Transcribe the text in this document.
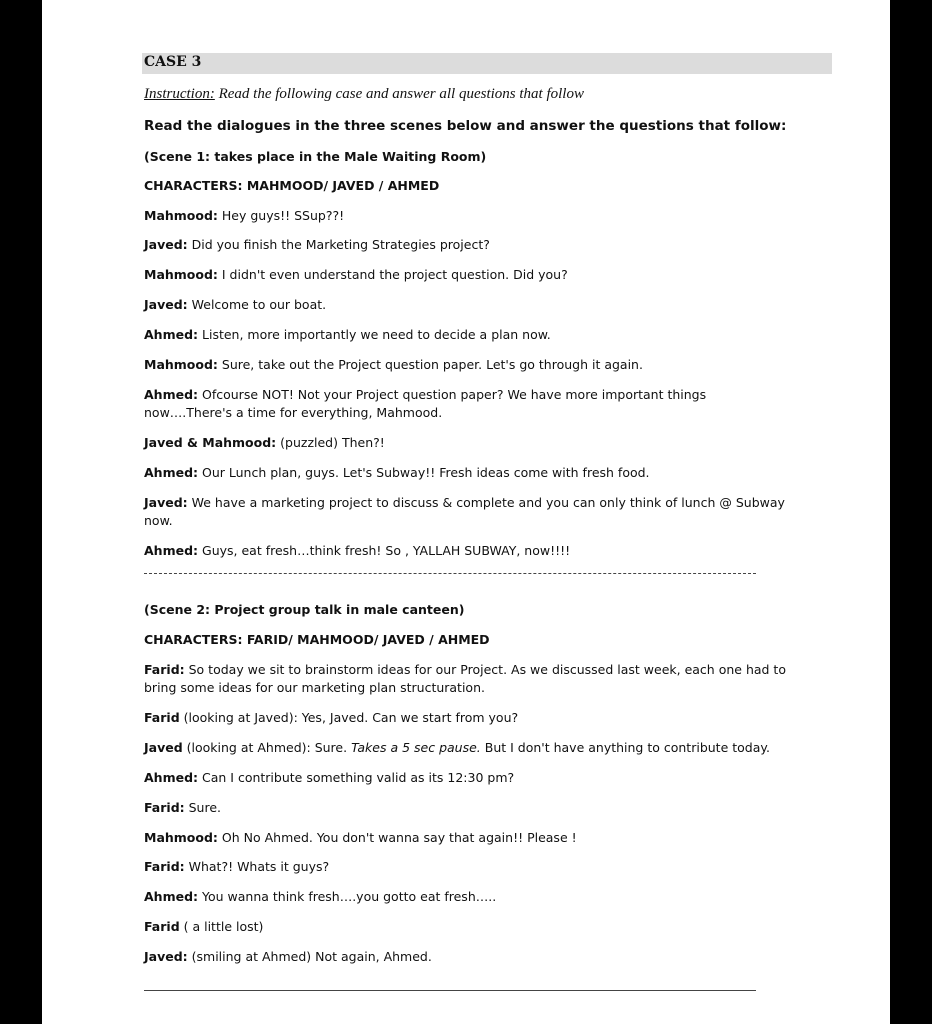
CASE 3
Instruction: Read the following case and answer all questions that follow
Read the dialogues in the three scenes below and answer the questions that follow:
(Scene 1: takes place in the Male Waiting Room)
CHARACTERS: MAHMOOD/ JAVED / AHMED
Mahmood: Hey guys!! SSup??!
Javed: Did you finish the Marketing Strategies project?
Mahmood: I didn't even understand the project question. Did you?
Javed: Welcome to our boat.
Ahmed: Listen, more importantly we need to decide a plan now.
Mahmood: Sure, take out the Project question paper. Let's go through it again.
Ahmed: Ofcourse NOT! Not your Project question paper? We have more important things now….There's a time for everything, Mahmood.
Javed & Mahmood: (puzzled) Then?!
Ahmed: Our Lunch plan, guys. Let's Subway!! Fresh ideas come with fresh food.
Javed: We have a marketing project to discuss & complete and you can only think of lunch @ Subway now.
Ahmed: Guys, eat fresh…think fresh! So , YALLAH SUBWAY, now!!!!
(Scene 2: Project group talk in male canteen)
CHARACTERS: FARID/ MAHMOOD/ JAVED / AHMED
Farid: So today we sit to brainstorm ideas for our Project. As we discussed last week, each one had to bring some ideas for our marketing plan structuration.
Farid (looking at Javed): Yes, Javed. Can we start from you?
Javed (looking at Ahmed): Sure. Takes a 5 sec pause. But I don't have anything to contribute today.
Ahmed: Can I contribute something valid as its 12:30 pm?
Farid: Sure.
Mahmood: Oh No Ahmed. You don't wanna say that again!! Please !
Farid: What?! Whats it guys?
Ahmed: You wanna think fresh….you gotto eat fresh…..
Farid ( a little lost)
Javed: (smiling at Ahmed) Not again, Ahmed.
